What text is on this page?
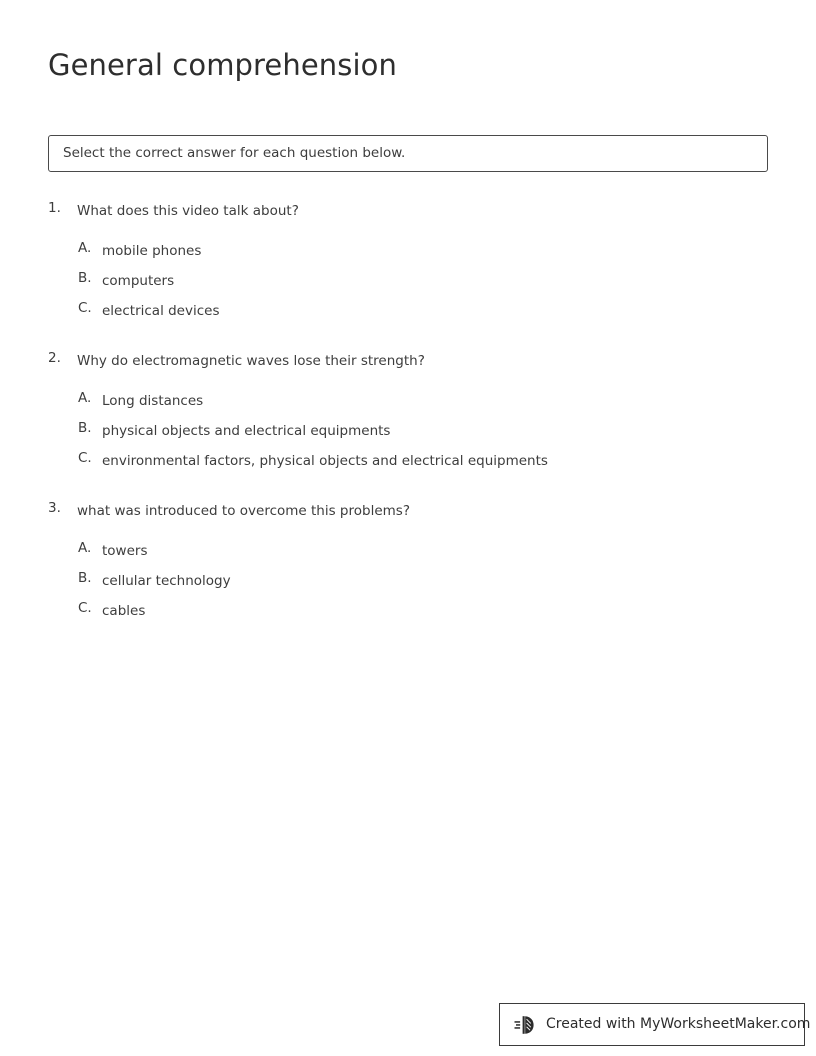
General comprehension
Select the correct answer for each question below.
1. What does this video talk about?
A. mobile phones
B. computers
C. electrical devices
2. Why do electromagnetic waves lose their strength?
A. Long distances
B. physical objects and electrical equipments
C. environmental factors, physical objects and electrical equipments
3. what was introduced to overcome this problems?
A. towers
B. cellular technology
C. cables
Created with MyWorksheetMaker.com
